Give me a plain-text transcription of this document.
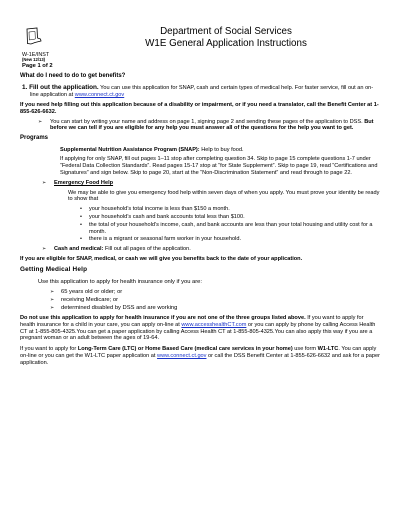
Department of Social Services
W1E General Application Instructions
W-1E/INST
(New 12/13)
Page 1 of 2

What do I need to do to get benefits?

1. Fill out the application. You can use this application for SNAP, cash and certain types of medical help. For faster service, fill out an on-line application at www.connect.ct.gov

If you need help filling out this application because of a disability or impairment, or if you need a translator, call the Benefit Center at 1-855-626-6632.

➢ You can start by writing your name and address on page 1, signing page 2 and sending these pages of the application to DSS. But before we can tell if you are eligible for any help you must answer all of the questions for the help you want to get.

Programs

Supplemental Nutrition Assistance Program (SNAP): Help to buy food.

If applying for only SNAP, fill out pages 1–11 stop after completing question 34. Skip to page 15 complete questions 1-7 under “Federal Data Collection Standards”. Read pages 15-17 stop at “for State Supplement”. Skip to page 19, read “Certifications and Signatures” and sign below. Skip to page 20, start at the “Non-Discrimination Statement” and read through to page 22.

➢ Emergency Food Help

We may be able to give you emergency food help within seven days of when you apply. You must prove your identity be ready to show that

• your household’s total income is less than $150 a month.
• your household’s cash and bank accounts total less than $100.
• the total of your household’s income, cash, and bank accounts are less than your total housing and utility cost for a month.
• there is a migrant or seasonal farm worker in your household.

➢ Cash and medical: Fill out all pages of the application.

If you are eligible for SNAP, medical, or cash we will give you benefits back to the date of your application.

Getting Medical Help

Use this application to apply for health insurance only if you are:

➢ 65 years old or older; or
➢ receiving Medicare; or
➢ determined disabled by DSS and are working

Do not use this application to apply for health insurance if you are not one of the three groups listed above. If you want to apply for health insurance for a child in your care, you can apply on-line at www.accesshealthCT.com or you can apply by phone by calling Access Health CT at 1-855-805-4325.You can get a paper application by calling Access Health CT at 1-855-805-4325.You can also apply this way if you are a pregnant woman or an adult between the ages of 19-64.

If you want to apply for Long-Term Care (LTC) or Home Based Care (medical care services in your home) use form W1-LTC. You can apply on-line or you can get the W1-LTC paper application at www.connect.ct.gov or call the DSS Benefit Center at 1-855-626-6632 and ask for a paper application.
